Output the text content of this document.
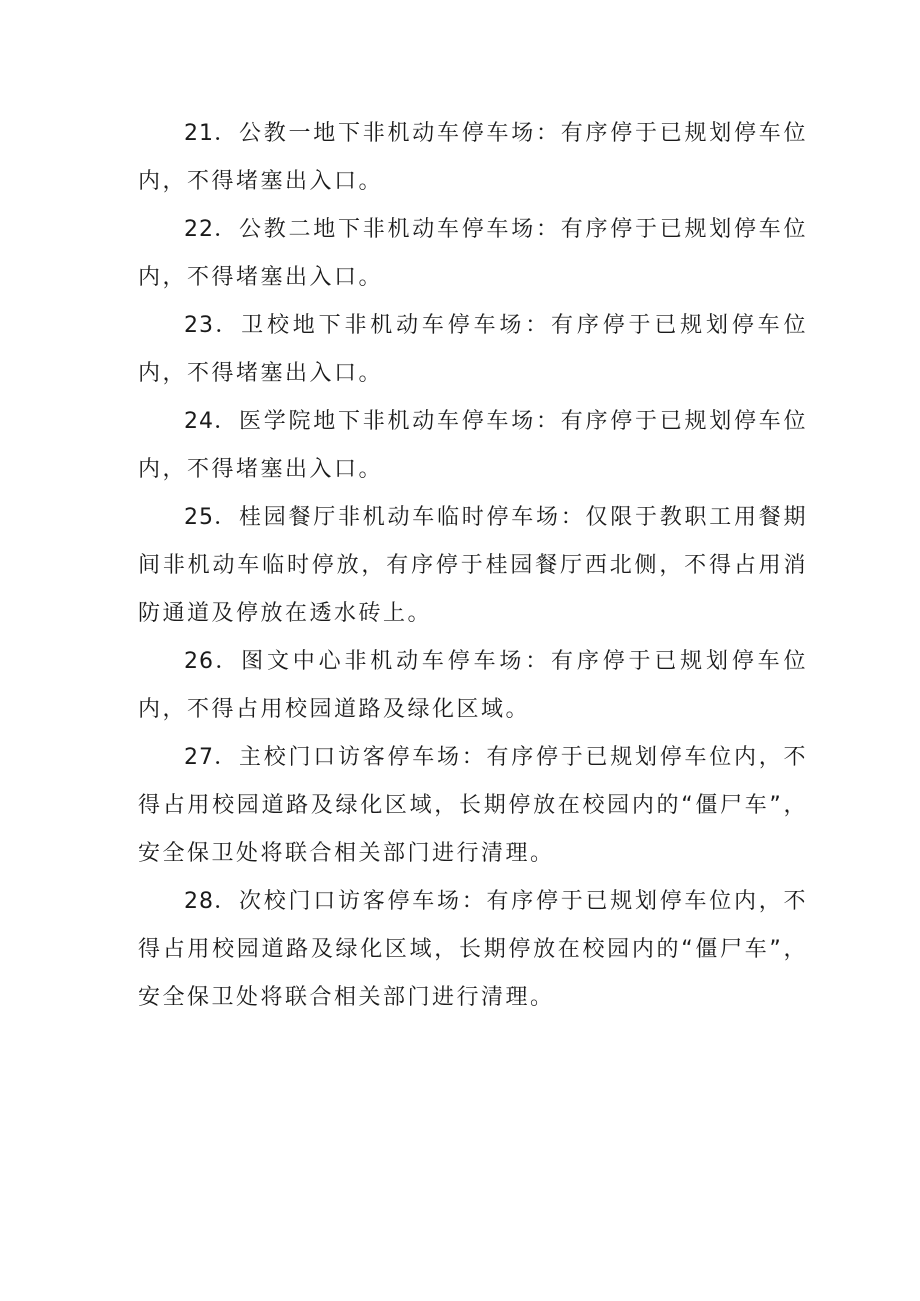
21．公教一地下非机动车停车场：有序停于已规划停车位内，不得堵塞出入口。

22．公教二地下非机动车停车场：有序停于已规划停车位内，不得堵塞出入口。

23．卫校地下非机动车停车场：有序停于已规划停车位内，不得堵塞出入口。

24．医学院地下非机动车停车场：有序停于已规划停车位内，不得堵塞出入口。

25．桂园餐厅非机动车临时停车场：仅限于教职工用餐期间非机动车临时停放，有序停于桂园餐厅西北侧，不得占用消防通道及停放在透水砖上。

26．图文中心非机动车停车场：有序停于已规划停车位内，不得占用校园道路及绿化区域。

27．主校门口访客停车场：有序停于已规划停车位内，不得占用校园道路及绿化区域，长期停放在校园内的“僵尸车”，安全保卫处将联合相关部门进行清理。

28．次校门口访客停车场：有序停于已规划停车位内，不得占用校园道路及绿化区域，长期停放在校园内的“僵尸车”，安全保卫处将联合相关部门进行清理。
